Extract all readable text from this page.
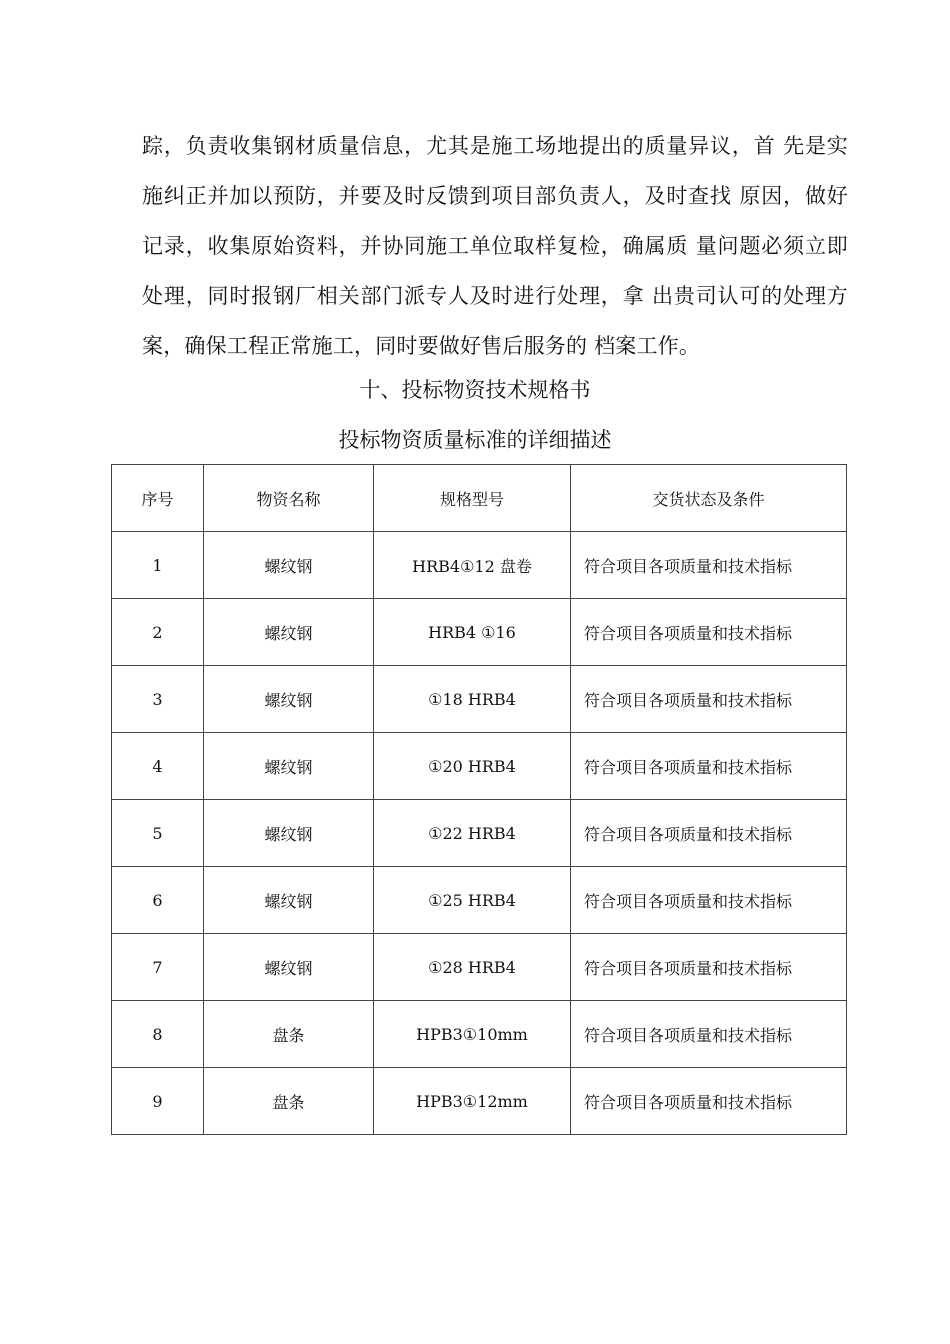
踪，负责收集钢材质量信息，尤其是施工场地提出的质量异议，首 先是实
施纠正并加以预防，并要及时反馈到项目部负责人，及时查找 原因，做好
记录，收集原始资料，并协同施工单位取样复检，确属质 量问题必须立即
处理，同时报钢厂相关部门派专人及时进行处理，拿 出贵司认可的处理方
案，确保工程正常施工，同时要做好售后服务的 档案工作。
十、投标物资技术规格书
投标物资质量标准的详细描述
序号	物资名称	规格型号	交货状态及条件
1	螺纹钢	HRB4①12 盘卷	符合项目各项质量和技术指标
2	螺纹钢	HRB4 ①16	符合项目各项质量和技术指标
3	螺纹钢	①18 HRB4	符合项目各项质量和技术指标
4	螺纹钢	①20 HRB4	符合项目各项质量和技术指标
5	螺纹钢	①22 HRB4	符合项目各项质量和技术指标
6	螺纹钢	①25 HRB4	符合项目各项质量和技术指标
7	螺纹钢	①28 HRB4	符合项目各项质量和技术指标
8	盘条	HPB3①10mm	符合项目各项质量和技术指标
9	盘条	HPB3①12mm	符合项目各项质量和技术指标
